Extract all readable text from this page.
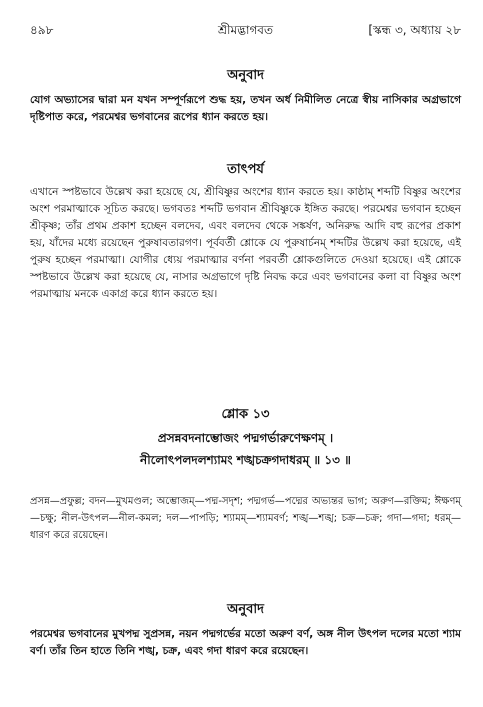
৪৯৮	শ্রীমদ্ভাগবত	[স্কন্ধ ৩, অধ্যায় ২৮
অনুবাদ
যোগ অভ্যাসের দ্বারা মন যখন সম্পূর্ণরূপে শুদ্ধ হয়, তখন অর্ধ নিমীলিত নেত্রে স্বীয় নাসিকার অগ্রভাগে দৃষ্টিপাত করে, পরমেশ্বর ভগবানের রূপের ধ্যান করতে হয়।
তাৎপর্য
এখানে স্পষ্টভাবে উল্লেখ করা হয়েছে যে, শ্রীবিষ্ণুর অংশের ধ্যান করতে হয়। কাষ্ঠাম্ শব্দটি বিষ্ণুর অংশের অংশ পরমাত্মাকে সূচিত করছে। ভগবতঃ শব্দটি ভগবান শ্রীবিষ্ণুকে ইঙ্গিত করছে। পরমেশ্বর ভগবান হচ্ছেন শ্রীকৃষ্ণ; তাঁর প্রথম প্রকাশ হচ্ছেন বলদেব, এবং বলদেব থেকে সঙ্কর্ষণ, অনিরুদ্ধ আদি বহু রূপের প্রকাশ হয়, যাঁদের মধ্যে রয়েছেন পুরুষাবতারগণ। পূর্ববর্তী শ্লোকে যে পুরুষার্চনম্ শব্দটির উল্লেখ করা হয়েছে, এই পুরুষ হচ্ছেন পরমাত্মা। যোগীর ধ্যেয় পরমাত্মার বর্ণনা পরবর্তী শ্লোকগুলিতে দেওয়া হয়েছে। এই শ্লোকে স্পষ্টভাবে উল্লেখ করা হয়েছে যে, নাসার অগ্রভাগে দৃষ্টি নিবদ্ধ করে এবং ভগবানের কলা বা বিষ্ণুর অংশ পরমাত্মায় মনকে একাগ্র করে ধ্যান করতে হয়।
শ্লোক ১৩
প্রসন্নবদনাম্ভোজং পদ্মগর্ভারুণেক্ষণম্ ।
নীলোৎপলদলশ্যামং শঙ্খচক্রগদাধরম্ ॥ ১৩ ॥
প্রসন্ন—প্রফুল্ল; বদন—মুখমণ্ডল; অম্ভোজম্—পদ্ম-সদৃশ; পদ্মগর্ভ—পদ্মের অভ্যন্তর ভাগ; অরুণ—রক্তিম; ঈক্ষণম্—চক্ষু; নীল-উৎপল—নীল-কমল; দল—পাপড়ি; শ্যামম্—শ্যামবর্ণ; শঙ্খ—শঙ্খ; চক্র—চক্র; গদা—গদা; ধরম্—ধারণ করে রয়েছেন।
অনুবাদ
পরমেশ্বর ভগবানের মুখপদ্ম সুপ্রসন্ন, নয়ন পদ্মগর্ভের মতো অরুণ বর্ণ, অঙ্গ নীল উৎপল দলের মতো শ্যাম বর্ণ। তাঁর তিন হাতে তিনি শঙ্খ, চক্র, এবং গদা ধারণ করে রয়েছেন।
